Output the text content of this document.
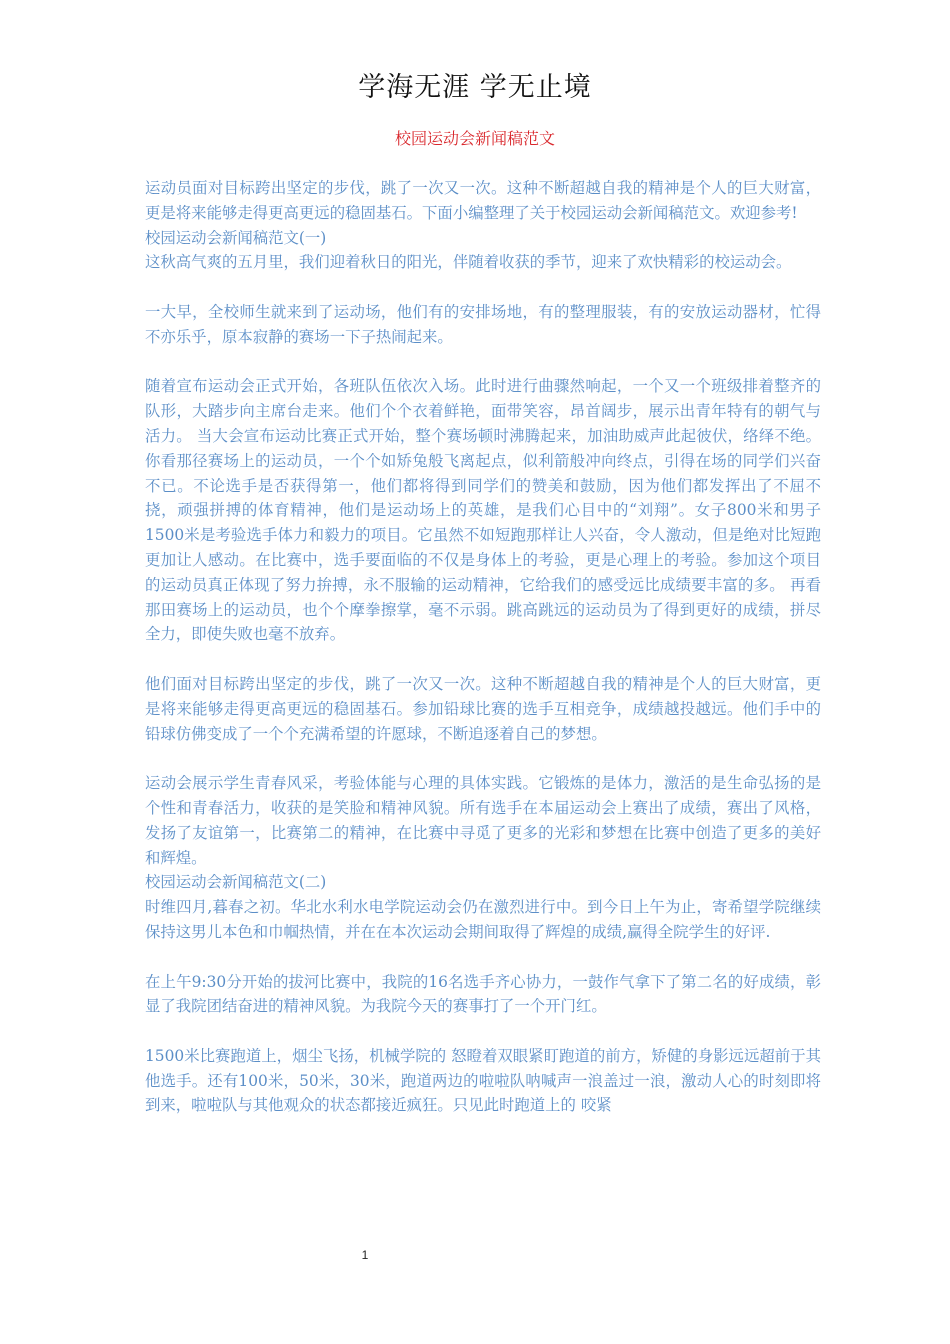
学海无涯 学无止境
校园运动会新闻稿范文

运动员面对目标跨出坚定的步伐，跳了一次又一次。这种不断超越自我的精神是个人的巨大财富，更是将来能够走得更高更远的稳固基石。下面小编整理了关于校园运动会新闻稿范文。欢迎参考!

校园运动会新闻稿范文(一)

这秋高气爽的五月里，我们迎着秋日的阳光，伴随着收获的季节，迎来了欢快精彩的校运动会。

一大早，全校师生就来到了运动场，他们有的安排场地，有的整理服装，有的安放运动器材，忙得不亦乐乎，原本寂静的赛场一下子热闹起来。

随着宣布运动会正式开始，各班队伍依次入场。此时进行曲骤然响起，一个又一个班级排着整齐的队形，大踏步向主席台走来。他们个个衣着鲜艳，面带笑容，昂首阔步，展示出青年特有的朝气与活力。 当大会宣布运动比赛正式开始，整个赛场顿时沸腾起来，加油助威声此起彼伏，络绎不绝。你看那径赛场上的运动员，一个个如矫兔般飞离起点，似利箭般冲向终点，引得在场的同学们兴奋不已。不论选手是否获得第一，他们都将得到同学们的赞美和鼓励，因为他们都发挥出了不屈不挠，顽强拼搏的体育精神，他们是运动场上的英雄，是我们心目中的“刘翔”。女子800米和男子1500米是考验选手体力和毅力的项目。它虽然不如短跑那样让人兴奋，令人激动，但是绝对比短跑更加让人感动。在比赛中，选手要面临的不仅是身体上的考验，更是心理上的考验。参加这个项目的运动员真正体现了努力拚搏，永不服输的运动精神，它给我们的感受远比成绩要丰富的多。 再看那田赛场上的运动员，也个个摩拳擦掌，毫不示弱。跳高跳远的运动员为了得到更好的成绩，拼尽全力，即使失败也毫不放弃。

他们面对目标跨出坚定的步伐，跳了一次又一次。这种不断超越自我的精神是个人的巨大财富，更是将来能够走得更高更远的稳固基石。参加铅球比赛的选手互相竞争，成绩越投越远。他们手中的铅球仿佛变成了一个个充满希望的许愿球，不断追逐着自己的梦想。

运动会展示学生青春风采，考验体能与心理的具体实践。它锻炼的是体力，激活的是生命弘扬的是个性和青春活力，收获的是笑脸和精神风貌。所有选手在本届运动会上赛出了成绩，赛出了风格，发扬了友谊第一，比赛第二的精神，在比赛中寻觅了更多的光彩和梦想在比赛中创造了更多的美好和辉煌。

校园运动会新闻稿范文(二)

时维四月,暮春之初。华北水利水电学院运动会仍在激烈进行中。到今日上午为止，寄希望学院继续保持这男儿本色和巾帼热情，并在在本次运动会期间取得了辉煌的成绩,赢得全院学生的好评.

在上午9:30分开始的拔河比赛中，我院的16名选手齐心协力，一鼓作气拿下了第二名的好成绩，彰显了我院团结奋进的精神风貌。为我院今天的赛事打了一个开门红。

1500米比赛跑道上，烟尘飞扬，机械学院的 怒瞪着双眼紧盯跑道的前方，矫健的身影远远超前于其他选手。还有100米，50米，30米，跑道两边的啦啦队呐喊声一浪盖过一浪，激动人心的时刻即将到来，啦啦队与其他观众的状态都接近疯狂。只见此时跑道上的 咬紧

1
